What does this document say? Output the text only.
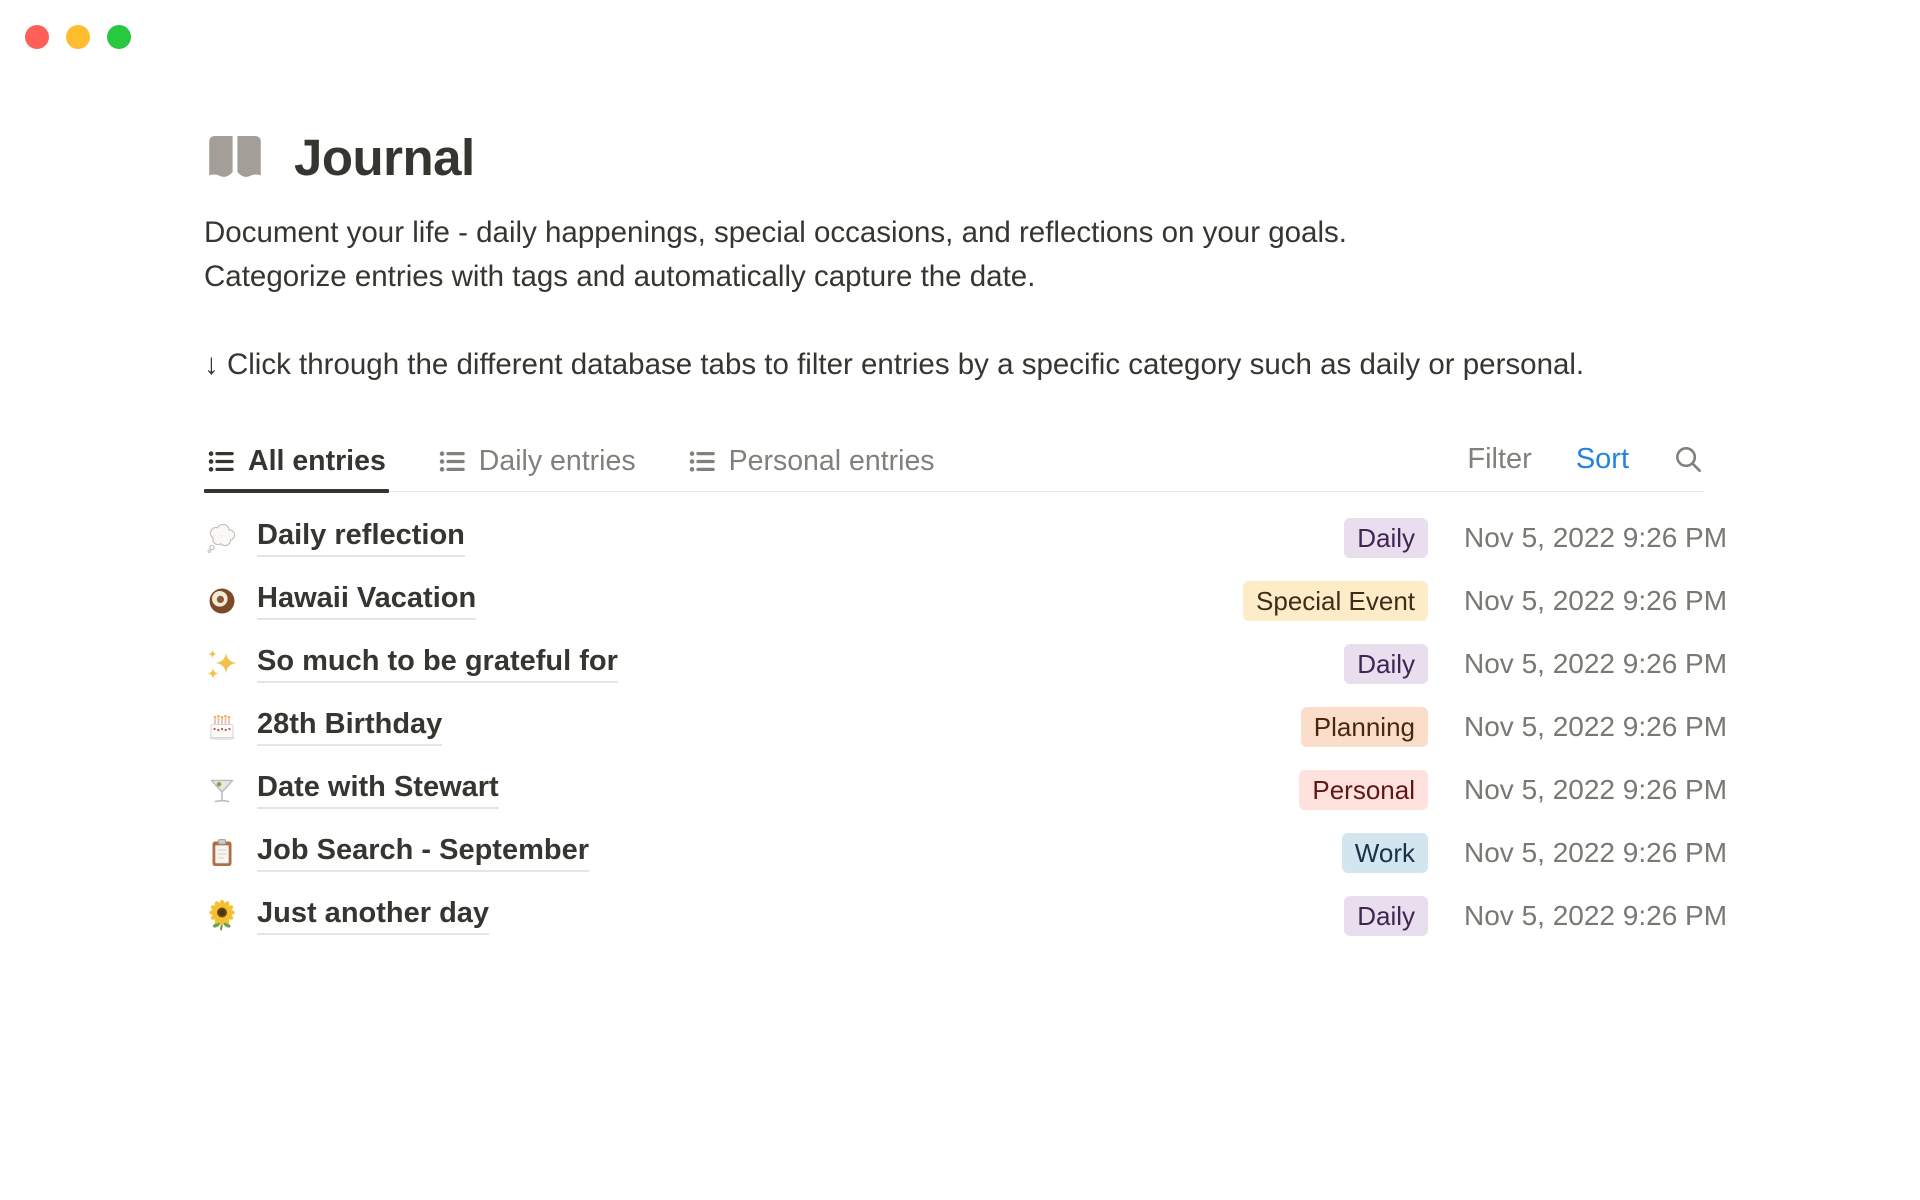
Journal

Document your life - daily happenings, special occasions, and reflections on your goals.

Categorize entries with tags and automatically capture the date.

↓ Click through the different database tabs to filter entries by a specific category such as daily or personal.

All entries	Daily entries	Personal entries	Filter Sort
Daily reflection	Daily	Nov 5, 2022 9:26 PM
Hawaii Vacation	Special Event	Nov 5, 2022 9:26 PM
So much to be grateful for	Daily	Nov 5, 2022 9:26 PM
28th Birthday	Planning	Nov 5, 2022 9:26 PM
Date with Stewart	Personal	Nov 5, 2022 9:26 PM
Job Search - September	Work	Nov 5, 2022 9:26 PM
Just another day	Daily	Nov 5, 2022 9:26 PM
